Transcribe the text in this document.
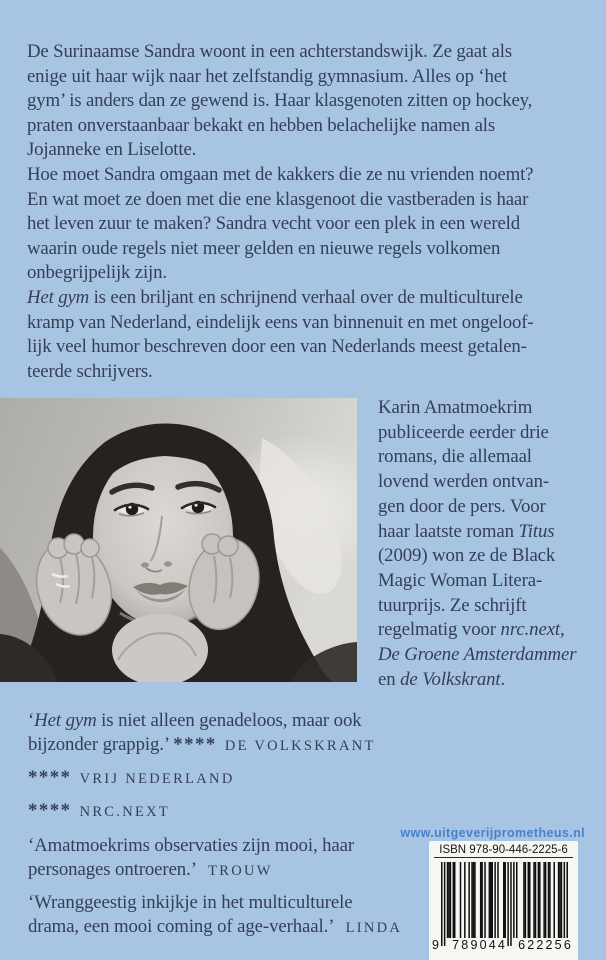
De Surinaamse Sandra woont in een achterstandswijk. Ze gaat als
enige uit haar wijk naar het zelfstandig gymnasium. Alles op ‘het
gym’ is anders dan ze gewend is. Haar klasgenoten zitten op hockey,
praten onverstaanbaar bekakt en hebben belachelijke namen als
Jojanneke en Liselotte.
Hoe moet Sandra omgaan met de kakkers die ze nu vrienden noemt?
En wat moet ze doen met die ene klasgenoot die vastberaden is haar
het leven zuur te maken? Sandra vecht voor een plek in een wereld
waarin oude regels niet meer gelden en nieuwe regels volkomen
onbegrijpelijk zijn.
Het gym is een briljant en schrijnend verhaal over de multiculturele
kramp van Nederland, eindelijk eens van binnenuit en met ongeloof-
lijk veel humor beschreven door een van Nederlands meest getalen-
teerde schrijvers.
Karin Amatmoekrim
publiceerde eerder drie
romans, die allemaal
lovend werden ontvan-
gen door de pers. Voor
haar laatste roman Titus
(2009) won ze de Black
Magic Woman Litera-
tuurprijs. Ze schrijft
regelmatig voor nrc.next,
De Groene Amsterdammer
en de Volkskrant.
‘Het gym is niet alleen genadeloos, maar ook
bijzonder grappig.’ **** DE VOLKSKRANT
**** VRIJ NEDERLAND
**** NRC.NEXT
‘Amatmoekrims observaties zijn mooi, haar
personages ontroeren.’ TROUW
‘Wranggeestig inkijkje in het multiculturele
drama, een mooi coming of age-verhaal.’ LINDA
www.uitgeverijprometheus.nl
ISBN 978-90-446-2225-6
9 789044 622256
